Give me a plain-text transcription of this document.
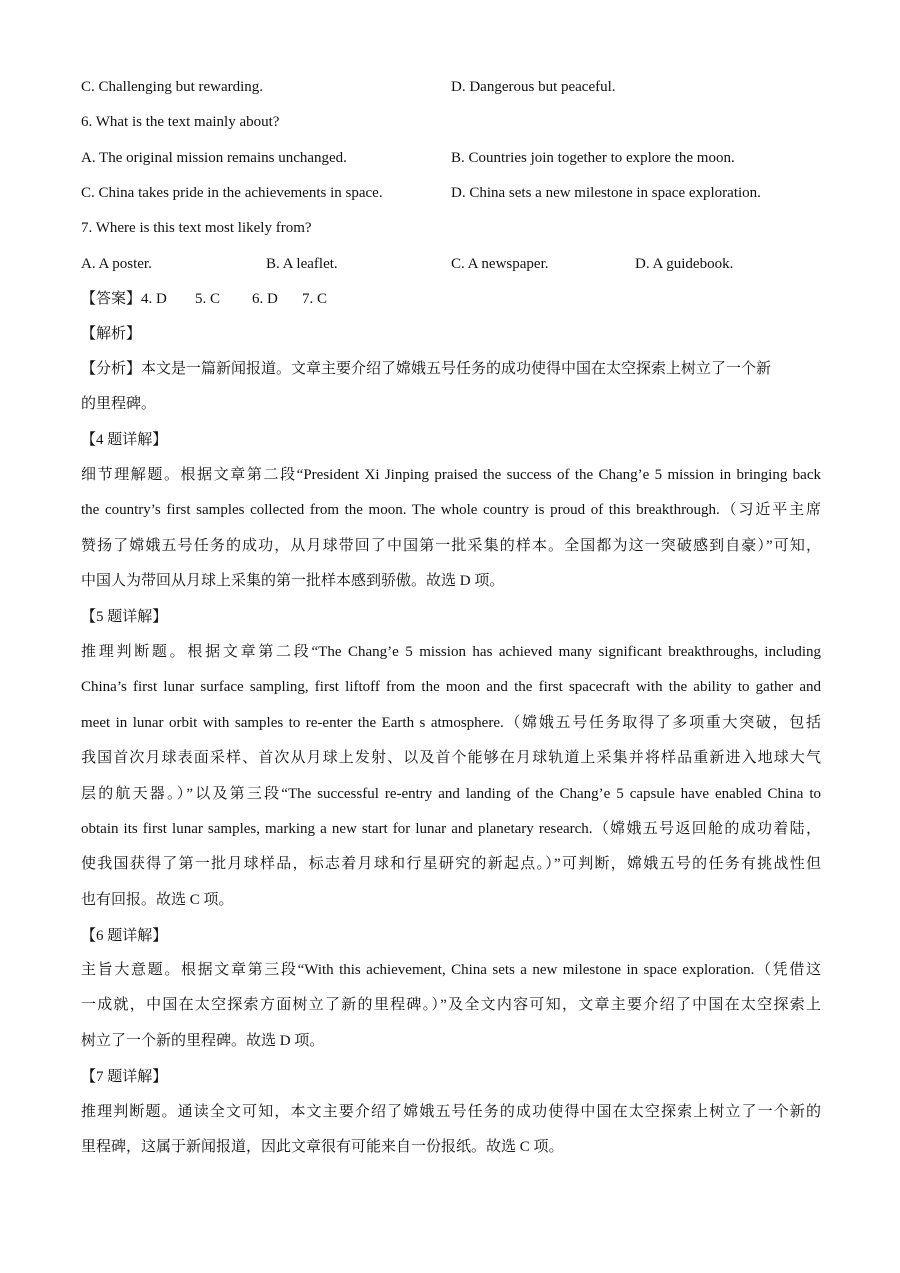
C. Challenging but rewarding.	D. Dangerous but peaceful.
6. What is the text mainly about?
A. The original mission remains unchanged.	B. Countries join together to explore the moon.
C. China takes pride in the achievements in space.	D. China sets a new milestone in space exploration.
7. Where is this text most likely from?
A. A poster.	B. A leaflet.	C. A newspaper.	D. A guidebook.
【答案】4. D 5. C 6. D 7. C
【解析】

【分析】本文是一篇新闻报道。文章主要介绍了嫦娥五号任务的成功使得中国在太空探索上树立了一个新

的里程碑。

【4 题详解】

细节理解题。根据文章第二段“President Xi Jinping praised the success of the Chang’e 5 mission in bringing back

the country’s first samples collected from the moon. The whole country is proud of this breakthrough.（习近平主席

赞扬了嫦娥五号任务的成功，从月球带回了中国第一批采集的样本。全国都为这一突破感到自豪）”可知，

中国人为带回从月球上采集的第一批样本感到骄傲。故选 D 项。

【5 题详解】

推理判断题。根据文章第二段“The Chang’e 5 mission has achieved many significant breakthroughs, including

China’s first lunar surface sampling, first liftoff from the moon and the first spacecraft with the ability to gather and

meet in lunar orbit with samples to re-enter the Earth s atmosphere.（嫦娥五号任务取得了多项重大突破，包括

我国首次月球表面采样、首次从月球上发射、以及首个能够在月球轨道上采集并将样品重新进入地球大气

层的航天器。）”以及第三段“The successful re-entry and landing of the Chang’e 5 capsule have enabled China to

obtain its first lunar samples, marking a new start for lunar and planetary research.（嫦娥五号返回舱的成功着陆，

使我国获得了第一批月球样品，标志着月球和行星研究的新起点。）”可判断，嫦娥五号的任务有挑战性但

也有回报。故选 C 项。

【6 题详解】

主旨大意题。根据文章第三段“With this achievement, China sets a new milestone in space exploration.（凭借这

一成就，中国在太空探索方面树立了新的里程碑。）”及全文内容可知，文章主要介绍了中国在太空探索上

树立了一个新的里程碑。故选 D 项。

【7 题详解】

推理判断题。通读全文可知，本文主要介绍了嫦娥五号任务的成功使得中国在太空探索上树立了一个新的

里程碑，这属于新闻报道，因此文章很有可能来自一份报纸。故选 C 项。
